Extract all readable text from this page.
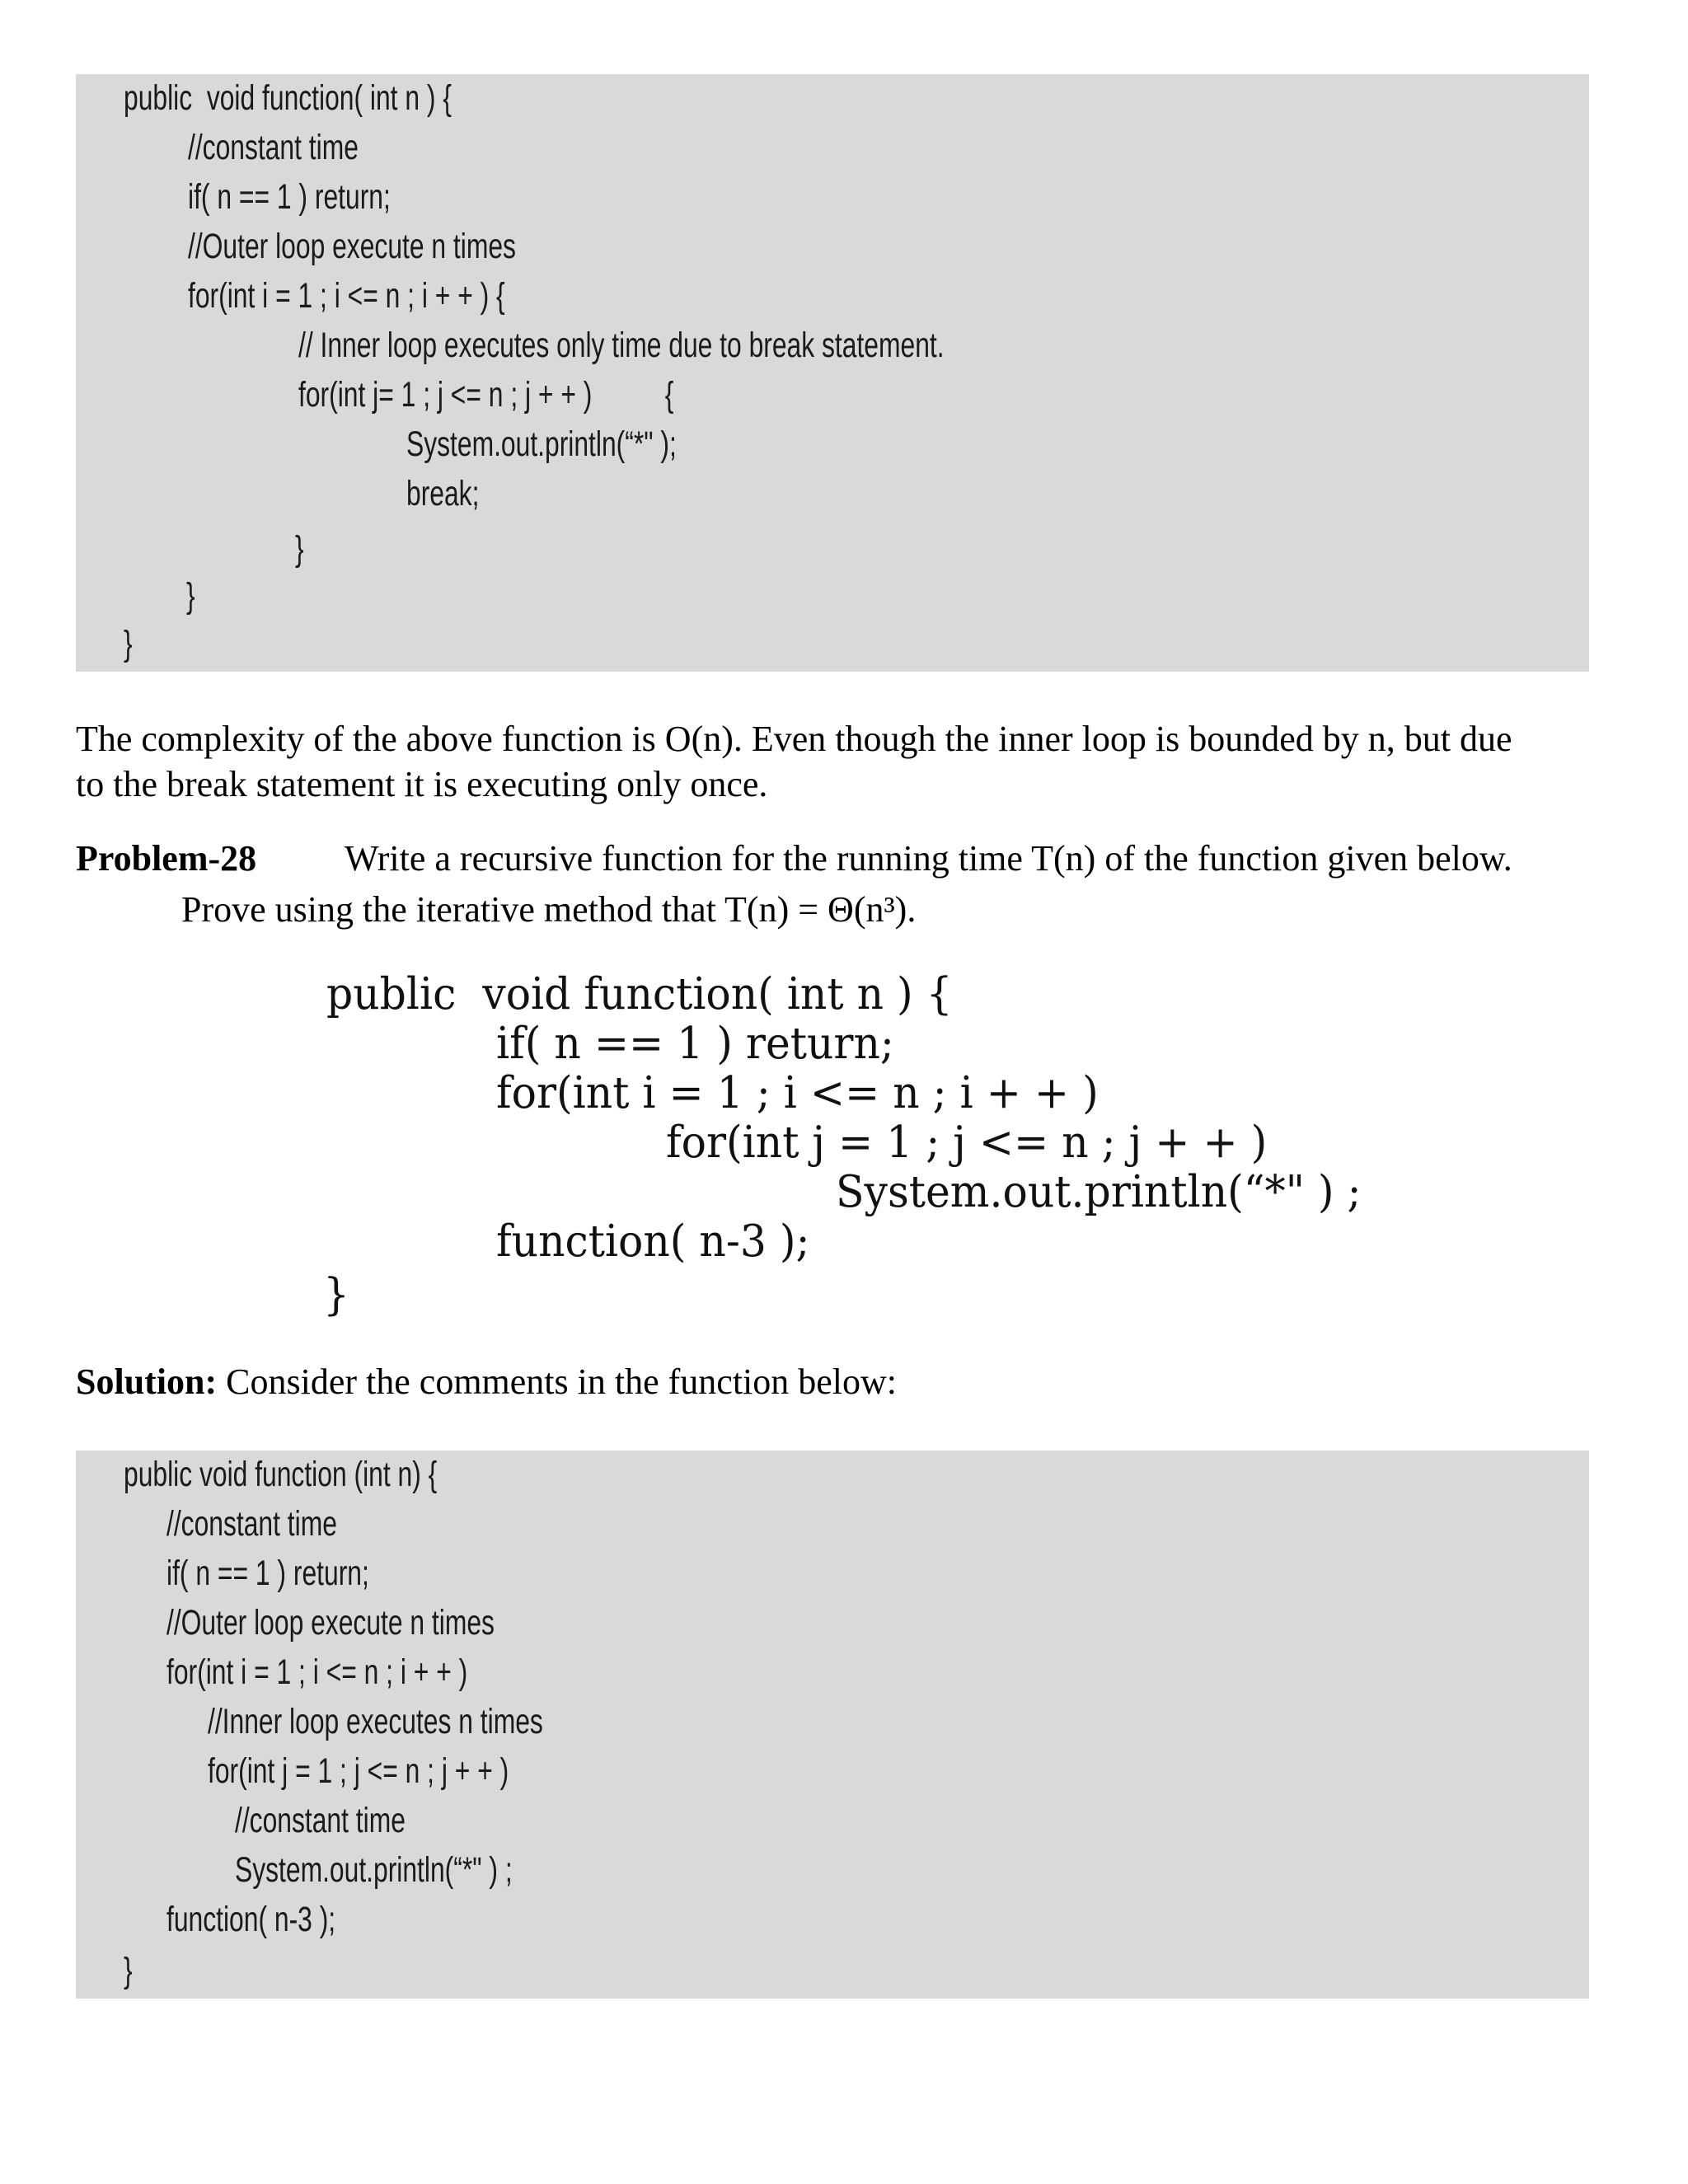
public  void function( int n ) {
//constant time
if( n == 1 ) return;
//Outer loop execute n times
for(int i = 1 ; i <= n ; i + + ) {
// Inner loop executes only time due to break statement.
for(int j= 1 ; j <= n ; j + + )          {
System.out.println(“*" );
break;
}
}
}
The complexity of the above function is O(n). Even though the inner loop is bounded by n, but due
to the break statement it is executing only once.
Problem-28 Write a recursive function for the running time T(n) of the function given below.
Prove using the iterative method that T(n) = Θ(n³).
public  void function( int n ) {
if( n == 1 ) return;
for(int i = 1 ; i <= n ; i + + )
for(int j = 1 ; j <= n ; j + + )
System.out.println(“*" ) ;
function( n-3 );
}
Solution: Consider the comments in the function below:
public void function (int n) {
//constant time
if( n == 1 ) return;
//Outer loop execute n times
for(int i = 1 ; i <= n ; i + + )
//Inner loop executes n times
for(int j = 1 ; j <= n ; j + + )
//constant time
System.out.println(“*" ) ;
function( n-3 );
}
